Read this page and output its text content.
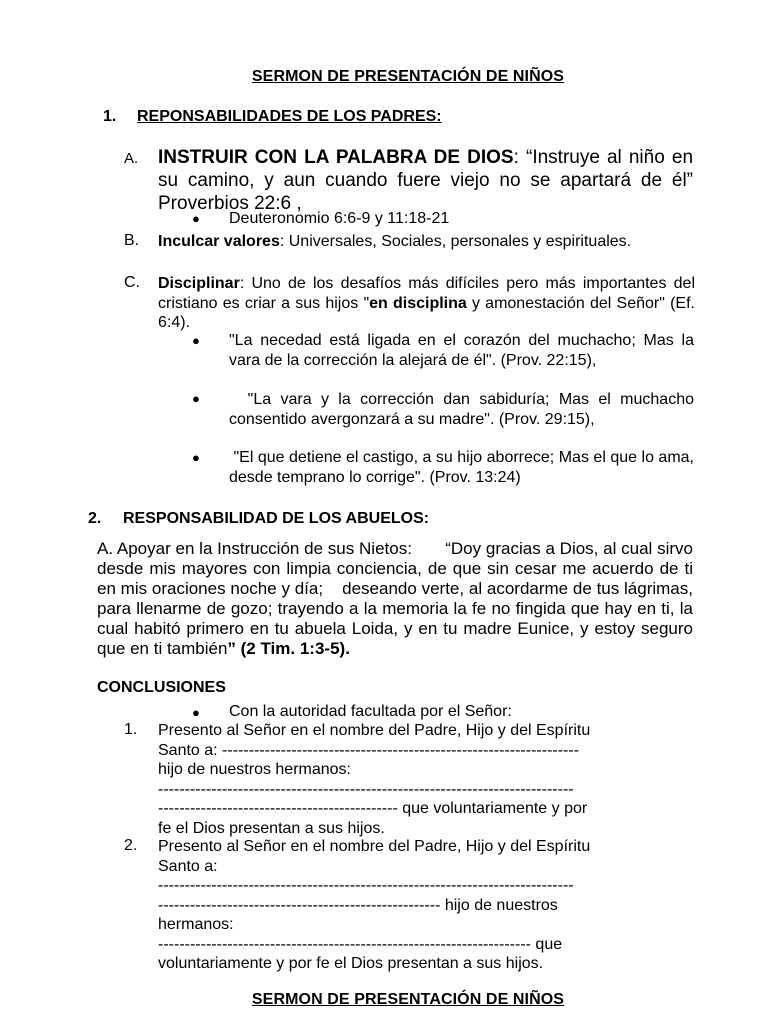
SERMON DE PRESENTACIÓN DE NIÑOS
1. REPONSABILIDADES DE LOS PADRES:
A. INSTRUIR CON LA PALABRA DE DIOS: “Instruye al niño en su camino, y aun cuando fuere viejo no se apartará de él” Proverbios 22:6 ,
● Deuteronomio 6:6-9 y 11:18-21
B. Inculcar valores: Universales, Sociales, personales y espirituales.
C. Disciplinar: Uno de los desafíos más difíciles pero más importantes del cristiano es criar a sus hijos "en disciplina y amonestación del Señor" (Ef. 6:4).
● "La necedad está ligada en el corazón del muchacho; Mas la vara de la corrección la alejará de él". (Prov. 22:15),
● "La vara y la corrección dan sabiduría; Mas el muchacho consentido avergonzará a su madre". (Prov. 29:15),
● "El que detiene el castigo, a su hijo aborrece; Mas el que lo ama, desde temprano lo corrige". (Prov. 13:24)
2. RESPONSABILIDAD DE LOS ABUELOS:
A. Apoyar en la Instrucción de sus Nietos:       “Doy gracias a Dios, al cual sirvo desde mis mayores con limpia conciencia, de que sin cesar me acuerdo de ti en mis oraciones noche y día;    deseando verte, al acordarme de tus lágrimas, para llenarme de gozo; trayendo a la memoria la fe no fingida que hay en ti, la cual habitó primero en tu abuela Loida, y en tu madre Eunice, y estoy seguro que en ti también” (2 Tim. 1:3-5).
CONCLUSIONES
● Con la autoridad facultada por el Señor:
1. Presento al Señor en el nombre del Padre, Hijo y del Espíritu
Santo a: -------------------------------------------------------------------
hijo de nuestros hermanos:
------------------------------------------------------------------------------
--------------------------------------------- que voluntariamente y por
fe el Dios presentan a sus hijos.
2. Presento al Señor en el nombre del Padre, Hijo y del Espíritu
Santo a:
------------------------------------------------------------------------------
----------------------------------------------------- hijo de nuestros
hermanos:
---------------------------------------------------------------------- que
voluntariamente y por fe el Dios presentan a sus hijos.
SERMON DE PRESENTACIÓN DE NIÑOS
